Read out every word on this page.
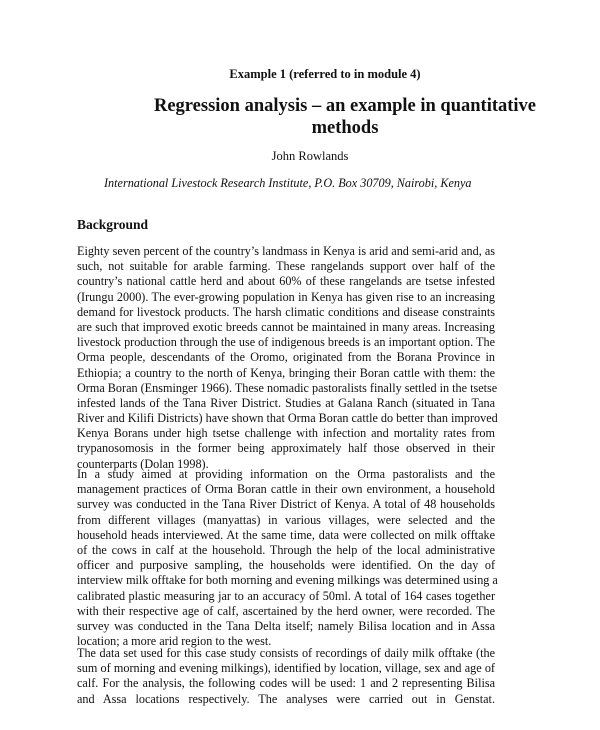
Example 1 (referred to in module 4)
Regression analysis – an example in quantitative
methods
John Rowlands
International Livestock Research Institute, P.O. Box 30709, Nairobi, Kenya
Background
Eighty seven percent of the country’s landmass in Kenya is arid and semi-arid and, as
such, not suitable for arable farming. These rangelands support over half of the
country’s national cattle herd and about 60% of these rangelands are tsetse infested
(Irungu 2000). The ever-growing population in Kenya has given rise to an increasing
demand for livestock products. The harsh climatic conditions and disease constraints
are such that improved exotic breeds cannot be maintained in many areas. Increasing
livestock production through the use of indigenous breeds is an important option. The
Orma people, descendants of the Oromo, originated from the Borana Province in
Ethiopia; a country to the north of Kenya, bringing their Boran cattle with them: the
Orma Boran (Ensminger 1966). These nomadic pastoralists finally settled in the tsetse
infested lands of the Tana River District. Studies at Galana Ranch (situated in Tana
River and Kilifi Districts) have shown that Orma Boran cattle do better than improved
Kenya Borans under high tsetse challenge with infection and mortality rates from
trypanosomosis in the former being approximately half those observed in their
counterparts (Dolan 1998).
In a study aimed at providing information on the Orma pastoralists and the
management practices of Orma Boran cattle in their own environment, a household
survey was conducted in the Tana River District of Kenya. A total of 48 households
from different villages (manyattas) in various villages, were selected and the
household heads interviewed. At the same time, data were collected on milk offtake
of the cows in calf at the household. Through the help of the local administrative
officer and purposive sampling, the households were identified. On the day of
interview milk offtake for both morning and evening milkings was determined using a
calibrated plastic measuring jar to an accuracy of 50ml. A total of 164 cases together
with their respective age of calf, ascertained by the herd owner, were recorded. The
survey was conducted in the Tana Delta itself; namely Bilisa location and in Assa
location; a more arid region to the west.
The data set used for this case study consists of recordings of daily milk offtake (the
sum of morning and evening milkings), identified by location, village, sex and age of
calf. For the analysis, the following codes will be used: 1 and 2 representing Bilisa
and Assa locations respectively. The analyses were carried out in Genstat.
